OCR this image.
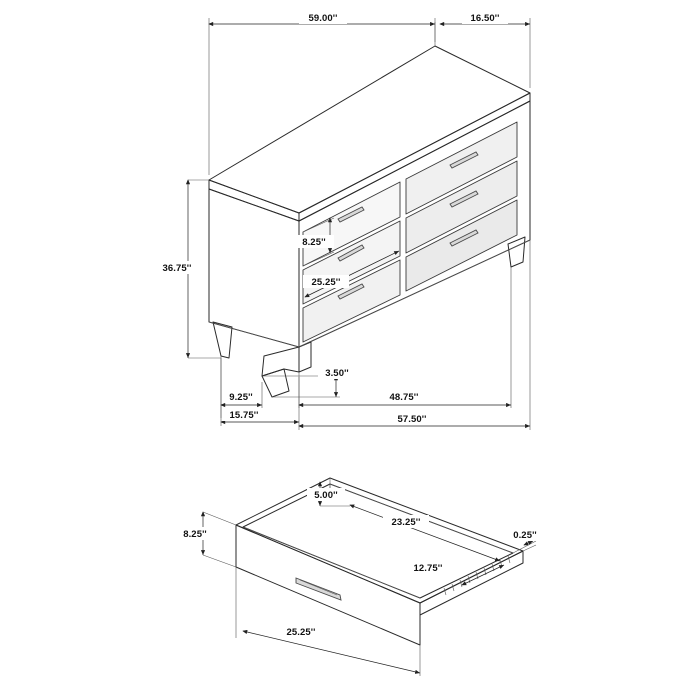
59.00''	16.50''
36.75''
8.25''
25.25''
3.50''
9.25''
15.75''
48.75''
57.50''
8.25''
5.00''
23.25''
12.75''
0.25''
25.25''
